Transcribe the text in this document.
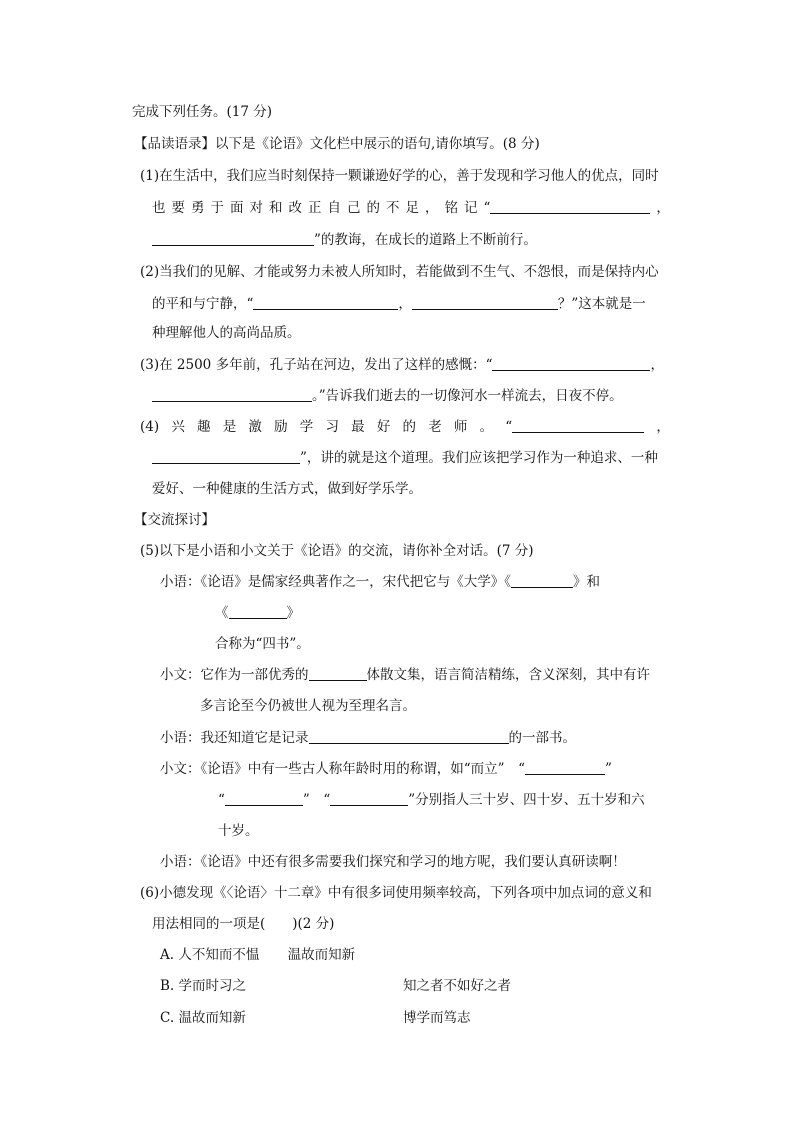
完成下列任务。(17 分)
【品读语录】以下是《论语》文化栏中展示的语句,请你填写。(8 分)
(1)在生活中，我们应当时刻保持一颗谦逊好学的心，善于发现和学习他人的优点，同时
也 要 勇 于 面 对 和 改 正 自 己 的 不 足 ， 铭 记 “	，
”的教诲，在成长的道路上不断前行。
(2)当我们的见解、才能或努力未被人所知时，若能做到不生气、不怨恨，而是保持内心
的平和与宁静，“	，	？”这本就是一
种理解他人的高尚品质。
(3)在 2500 多年前，孔子站在河边，发出了这样的感慨：“	，
。”告诉我们逝去的一切像河水一样流去，日夜不停。
(4) 兴 趣 是 激 励 学 习 最 好 的 老 师 。 “	，
”，讲的就是这个道理。我们应该把学习作为一种追求、一种
爱好、一种健康的生活方式，做到好学乐学。
【交流探讨】
(5)以下是小语和小文关于《论语》的交流，请你补全对话。(7 分)
小语：《论语》是儒家经典著作之一，宋代把它与《大学》《	》和
《	》
合称为“四书”。
小文：它作为一部优秀的	体散文集，语言简洁精练，含义深刻，其中有许
多言论至今仍被世人视为至理名言。
小语：我还知道它是记录	的一部书。
小文：《论语》中有一些古人称年龄时用的称谓，如“而立”  “	”
“	”  “	”分别指人三十岁、四十岁、五十岁和六
十岁。
小语：《论语》中还有很多需要我们探究和学习的地方呢，我们要认真研读啊！
(6)小德发现《〈论语〉十二章》中有很多词使用频率较高，下列各项中加点词的意义和
用法相同的一项是(　　)(2 分)
A. 人不知而不愠 温故而知新
B. 学而时习之	知之者不如好之者
C. 温故而知新	博学而笃志
